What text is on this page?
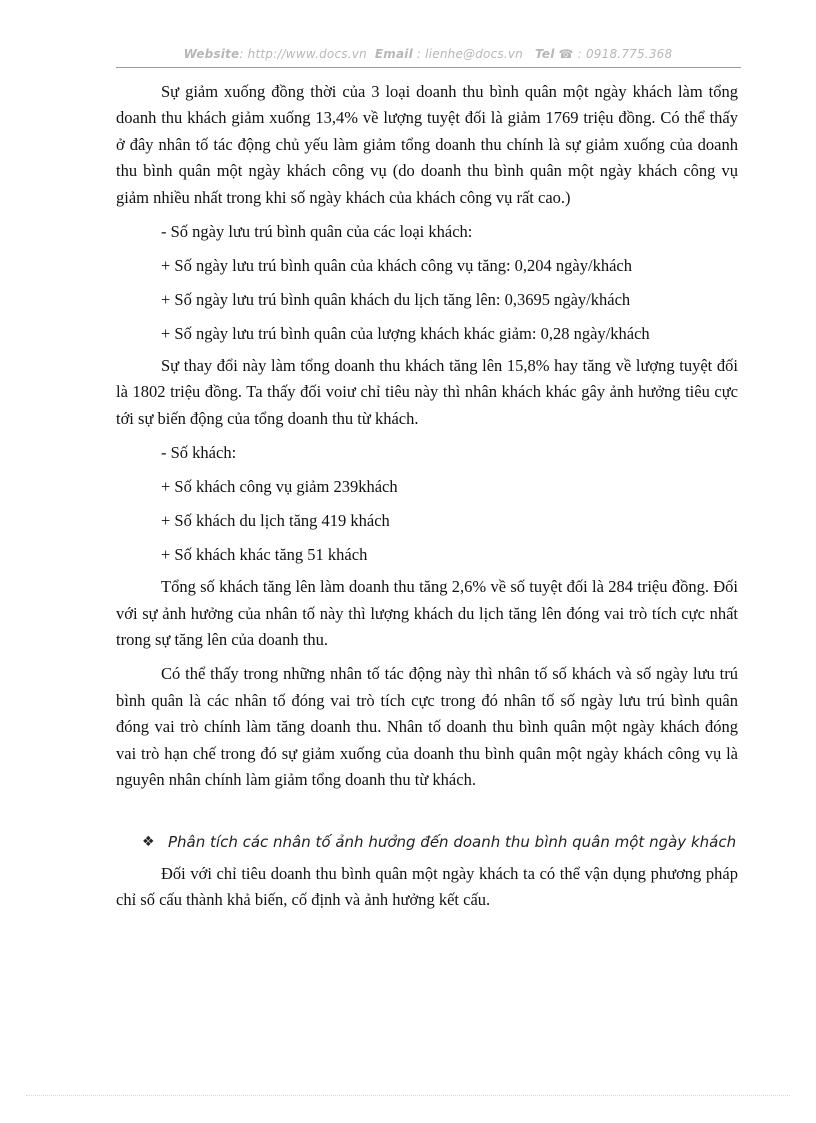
Website: http://www.docs.vn Email : lienhe@docs.vn Tel ☎ : 0918.775.368

Sự giảm xuống đồng thời của 3 loại doanh thu bình quân một ngày khách làm tổng doanh thu khách giảm xuống 13,4% về lượng tuyệt đối là giảm 1769 triệu đồng. Có thể thấy ở đây nhân tố tác động chủ yếu làm giảm tổng doanh thu chính là sự giảm xuống của doanh thu bình quân một ngày khách công vụ (do doanh thu bình quân một ngày khách công vụ giảm nhiều nhất trong khi số ngày khách của khách công vụ rất cao.)

- Số ngày lưu trú bình quân của các loại khách:

+ Số ngày lưu trú bình quân của khách công vụ tăng: 0,204 ngày/khách

+ Số ngày lưu trú bình quân khách du lịch tăng lên: 0,3695 ngày/khách

+ Số ngày lưu trú bình quân của lượng khách khác giảm: 0,28 ngày/khách

Sự thay đổi này làm tổng doanh thu khách tăng lên 15,8% hay tăng về lượng tuyệt đối là 1802 triệu đồng. Ta thấy đối voiư chỉ tiêu này thì nhân khách khác gây ảnh hưởng tiêu cực tới sự biến động của tổng doanh thu từ khách.

- Số khách:

+ Số khách công vụ giảm 239khách

+ Số khách du lịch tăng 419 khách

+ Số khách khác tăng 51 khách

Tổng số khách tăng lên làm doanh thu tăng 2,6% về số tuyệt đối là 284 triệu đồng. Đối với sự ảnh hưởng của nhân tố này thì lượng khách du lịch tăng lên đóng vai trò tích cực nhất trong sự tăng lên của doanh thu.

Có thể thấy trong những nhân tố tác động này thì nhân tố số khách và số ngày lưu trú bình quân là các nhân tố đóng vai trò tích cực trong đó nhân tố số ngày lưu trú bình quân đóng vai trò chính làm tăng doanh thu. Nhân tố doanh thu bình quân một ngày khách đóng vai trò hạn chế trong đó sự giảm xuống của doanh thu bình quân một ngày khách công vụ là nguyên nhân chính làm giảm tổng doanh thu từ khách.

❖ Phân tích các nhân tố ảnh hưởng đến doanh thu bình quân một ngày khách

Đối với chỉ tiêu doanh thu bình quân một ngày khách ta có thể vận dụng phương pháp chỉ số cấu thành khả biến, cố định và ảnh hưởng kết cấu.
